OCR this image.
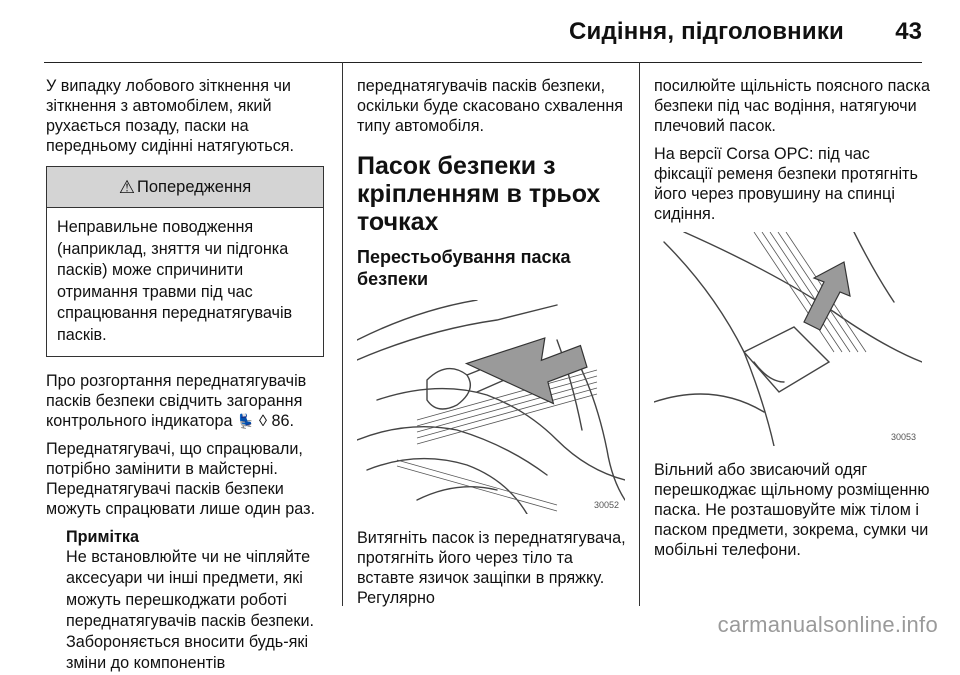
Сидіння, підголовники 43

У випадку лобового зіткнення чи зіткнення з автомобілем, який рухається позаду, паски на передньому сидінні натягуються.

⚠ Попередження
Неправильне поводження (наприклад, зняття чи підгонка пасків) може спричинити отримання травми під час спрацювання переднатягувачів пасків.

Про розгортання переднатягувачів пасків безпеки свідчить загорання контрольного індикатора 💺 ◊ 86.

Переднатягувачі, що спрацювали, потрібно замінити в майстерні. Переднатягувачі пасків безпеки можуть спрацювати лише один раз.

Примітка
Не встановлюйте чи не чіпляйте аксесуари чи інші предмети, які можуть перешкоджати роботі переднатягувачів пасків безпеки. Забороняється вносити будь-які зміни до компонентів

переднатягувачів пасків безпеки, оскільки буде скасовано схвалення типу автомобіля.

Пасок безпеки з кріпленням в трьох точках
Перестьобування паска безпеки
30052

Витягніть пасок із переднатягувача, протягніть його через тіло та вставте язичок защіпки в пряжку. Регулярно

посилюйте щільність поясного паска безпеки під час водіння, натягуючи плечовий пасок.

На версії Corsa OPC: під час фіксації ременя безпеки протягніть його через провушину на спинці сидіння.

30053

Вільний або звисаючий одяг перешкоджає щільному розміщенню паска. Не розташовуйте між тілом і паском предмети, зокрема, сумки чи мобільні телефони.

carmanualsonline.info
